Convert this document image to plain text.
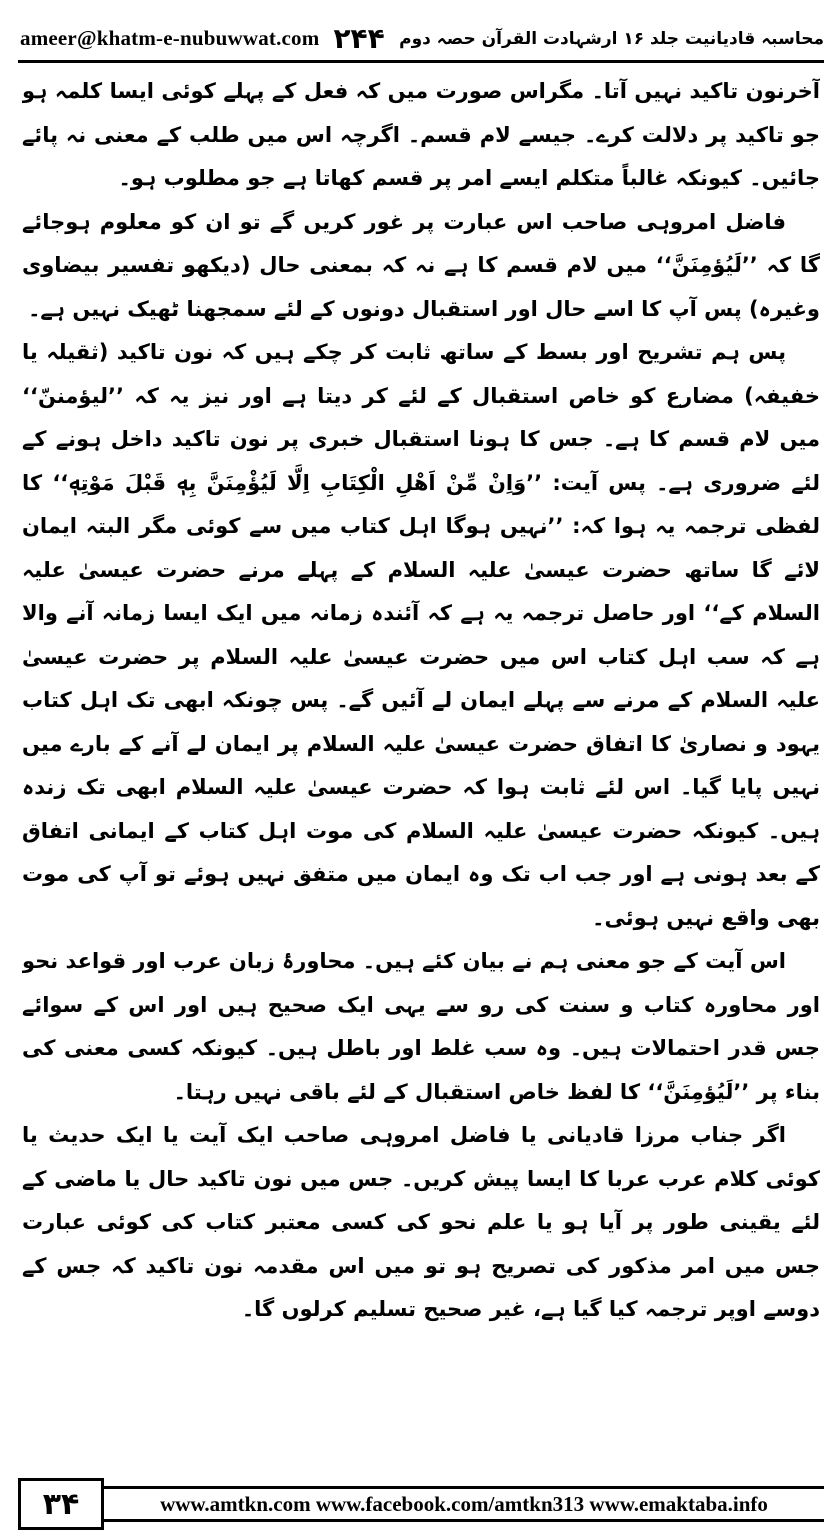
ameer@khatm-e-nubuwwat.com ۲۴۴ محاسبہ قادیانیت جلد ۱۶ ارشہادت القرآن حصہ دوم

آخرنون تاکید نہیں آتا۔ مگراس صورت میں کہ فعل کے پہلے کوئی ایسا کلمہ ہو جو تاکید پر دلالت کرے۔ جیسے لام قسم۔ اگرچہ اس میں طلب کے معنی نہ پائے جائیں۔ کیونکہ غالباً متکلم ایسے امر پر قسم کھاتا ہے جو مطلوب ہو۔

فاضل امروہی صاحب اس عبارت پر غور کریں گے تو ان کو معلوم ہوجائے گا کہ ’’لَیُؤمِنَنَّ‘‘ میں لام قسم کا ہے نہ کہ بمعنی حال (دیکھو تفسیر بیضاوی وغیرہ) پس آپ کا اسے حال اور استقبال دونوں کے لئے سمجھنا ٹھیک نہیں ہے۔

پس ہم تشریح اور بسط کے ساتھ ثابت کر چکے ہیں کہ نون تاکید (ثقیلہ یا خفیفہ) مضارع کو خاص استقبال کے لئے کر دیتا ہے اور نیز یہ کہ ’’لیؤمننّ‘‘ میں لام قسم کا ہے۔ جس کا ہونا استقبال خبری پر نون تاکید داخل ہونے کے لئے ضروری ہے۔ پس آیت: ’’وَاِنْ مِّنْ اَهْلِ الْكِتَابِ اِلَّا لَيُؤْمِنَنَّ بِهٖ قَبْلَ مَوْتِهٖ‘‘ کا لفظی ترجمہ یہ ہوا کہ: ’’نہیں ہوگا اہل کتاب میں سے کوئی مگر البتہ ایمان لائے گا ساتھ حضرت عیسیٰ علیہ السلام کے پہلے مرنے حضرت عیسیٰ علیہ السلام کے‘‘ اور حاصل ترجمہ یہ ہے کہ آئندہ زمانہ میں ایک ایسا زمانہ آنے والا ہے کہ سب اہل کتاب اس میں حضرت عیسیٰ علیہ السلام پر حضرت عیسیٰ علیہ السلام کے مرنے سے پہلے ایمان لے آئیں گے۔ پس چونکہ ابھی تک اہل کتاب یہود و نصاریٰ کا اتفاق حضرت عیسیٰ علیہ السلام پر ایمان لے آنے کے بارے میں نہیں پایا گیا۔ اس لئے ثابت ہوا کہ حضرت عیسیٰ علیہ السلام ابھی تک زندہ ہیں۔ کیونکہ حضرت عیسیٰ علیہ السلام کی موت اہل کتاب کے ایمانی اتفاق کے بعد ہونی ہے اور جب اب تک وہ ایمان میں متفق نہیں ہوئے تو آپ کی موت بھی واقع نہیں ہوئی۔

اس آیت کے جو معنی ہم نے بیان کئے ہیں۔ محاورۂ زبان عرب اور قواعد نحو اور محاورہ کتاب و سنت کی رو سے یہی ایک صحیح ہیں اور اس کے سوائے جس قدر احتمالات ہیں۔ وہ سب غلط اور باطل ہیں۔ کیونکہ کسی معنی کی بناء پر ’’لَیُؤمِنَنَّ‘‘ کا لفظ خاص استقبال کے لئے باقی نہیں رہتا۔

اگر جناب مرزا قادیانی یا فاضل امروہی صاحب ایک آیت یا ایک حدیث یا کوئی کلام عرب عربا کا ایسا پیش کریں۔ جس میں نون تاکید حال یا ماضی کے لئے یقینی طور پر آیا ہو یا علم نحو کی کسی معتبر کتاب کی کوئی عبارت جس میں امر مذکور کی تصریح ہو تو میں اس مقدمہ نون تاکید کہ جس کے دوسے اوپر ترجمہ کیا گیا ہے، غیر صحیح تسلیم کرلوں گا۔

۳۴	www.amtkn.com www.facebook.com/amtkn313 www.emaktaba.info
